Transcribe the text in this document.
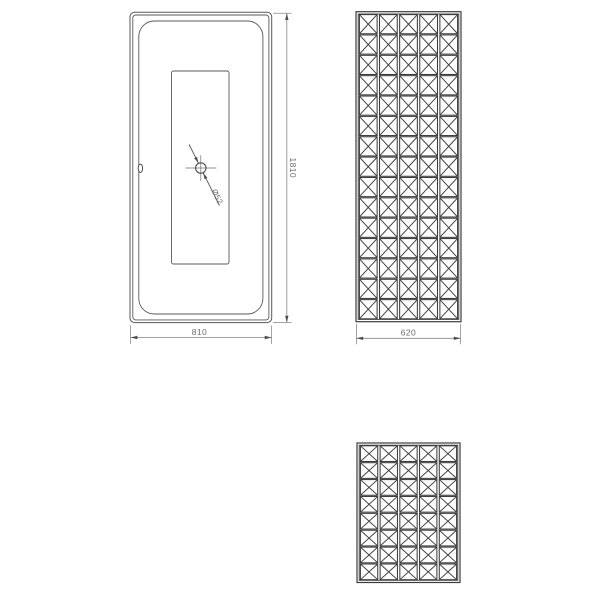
Ø52
1810
810	620
